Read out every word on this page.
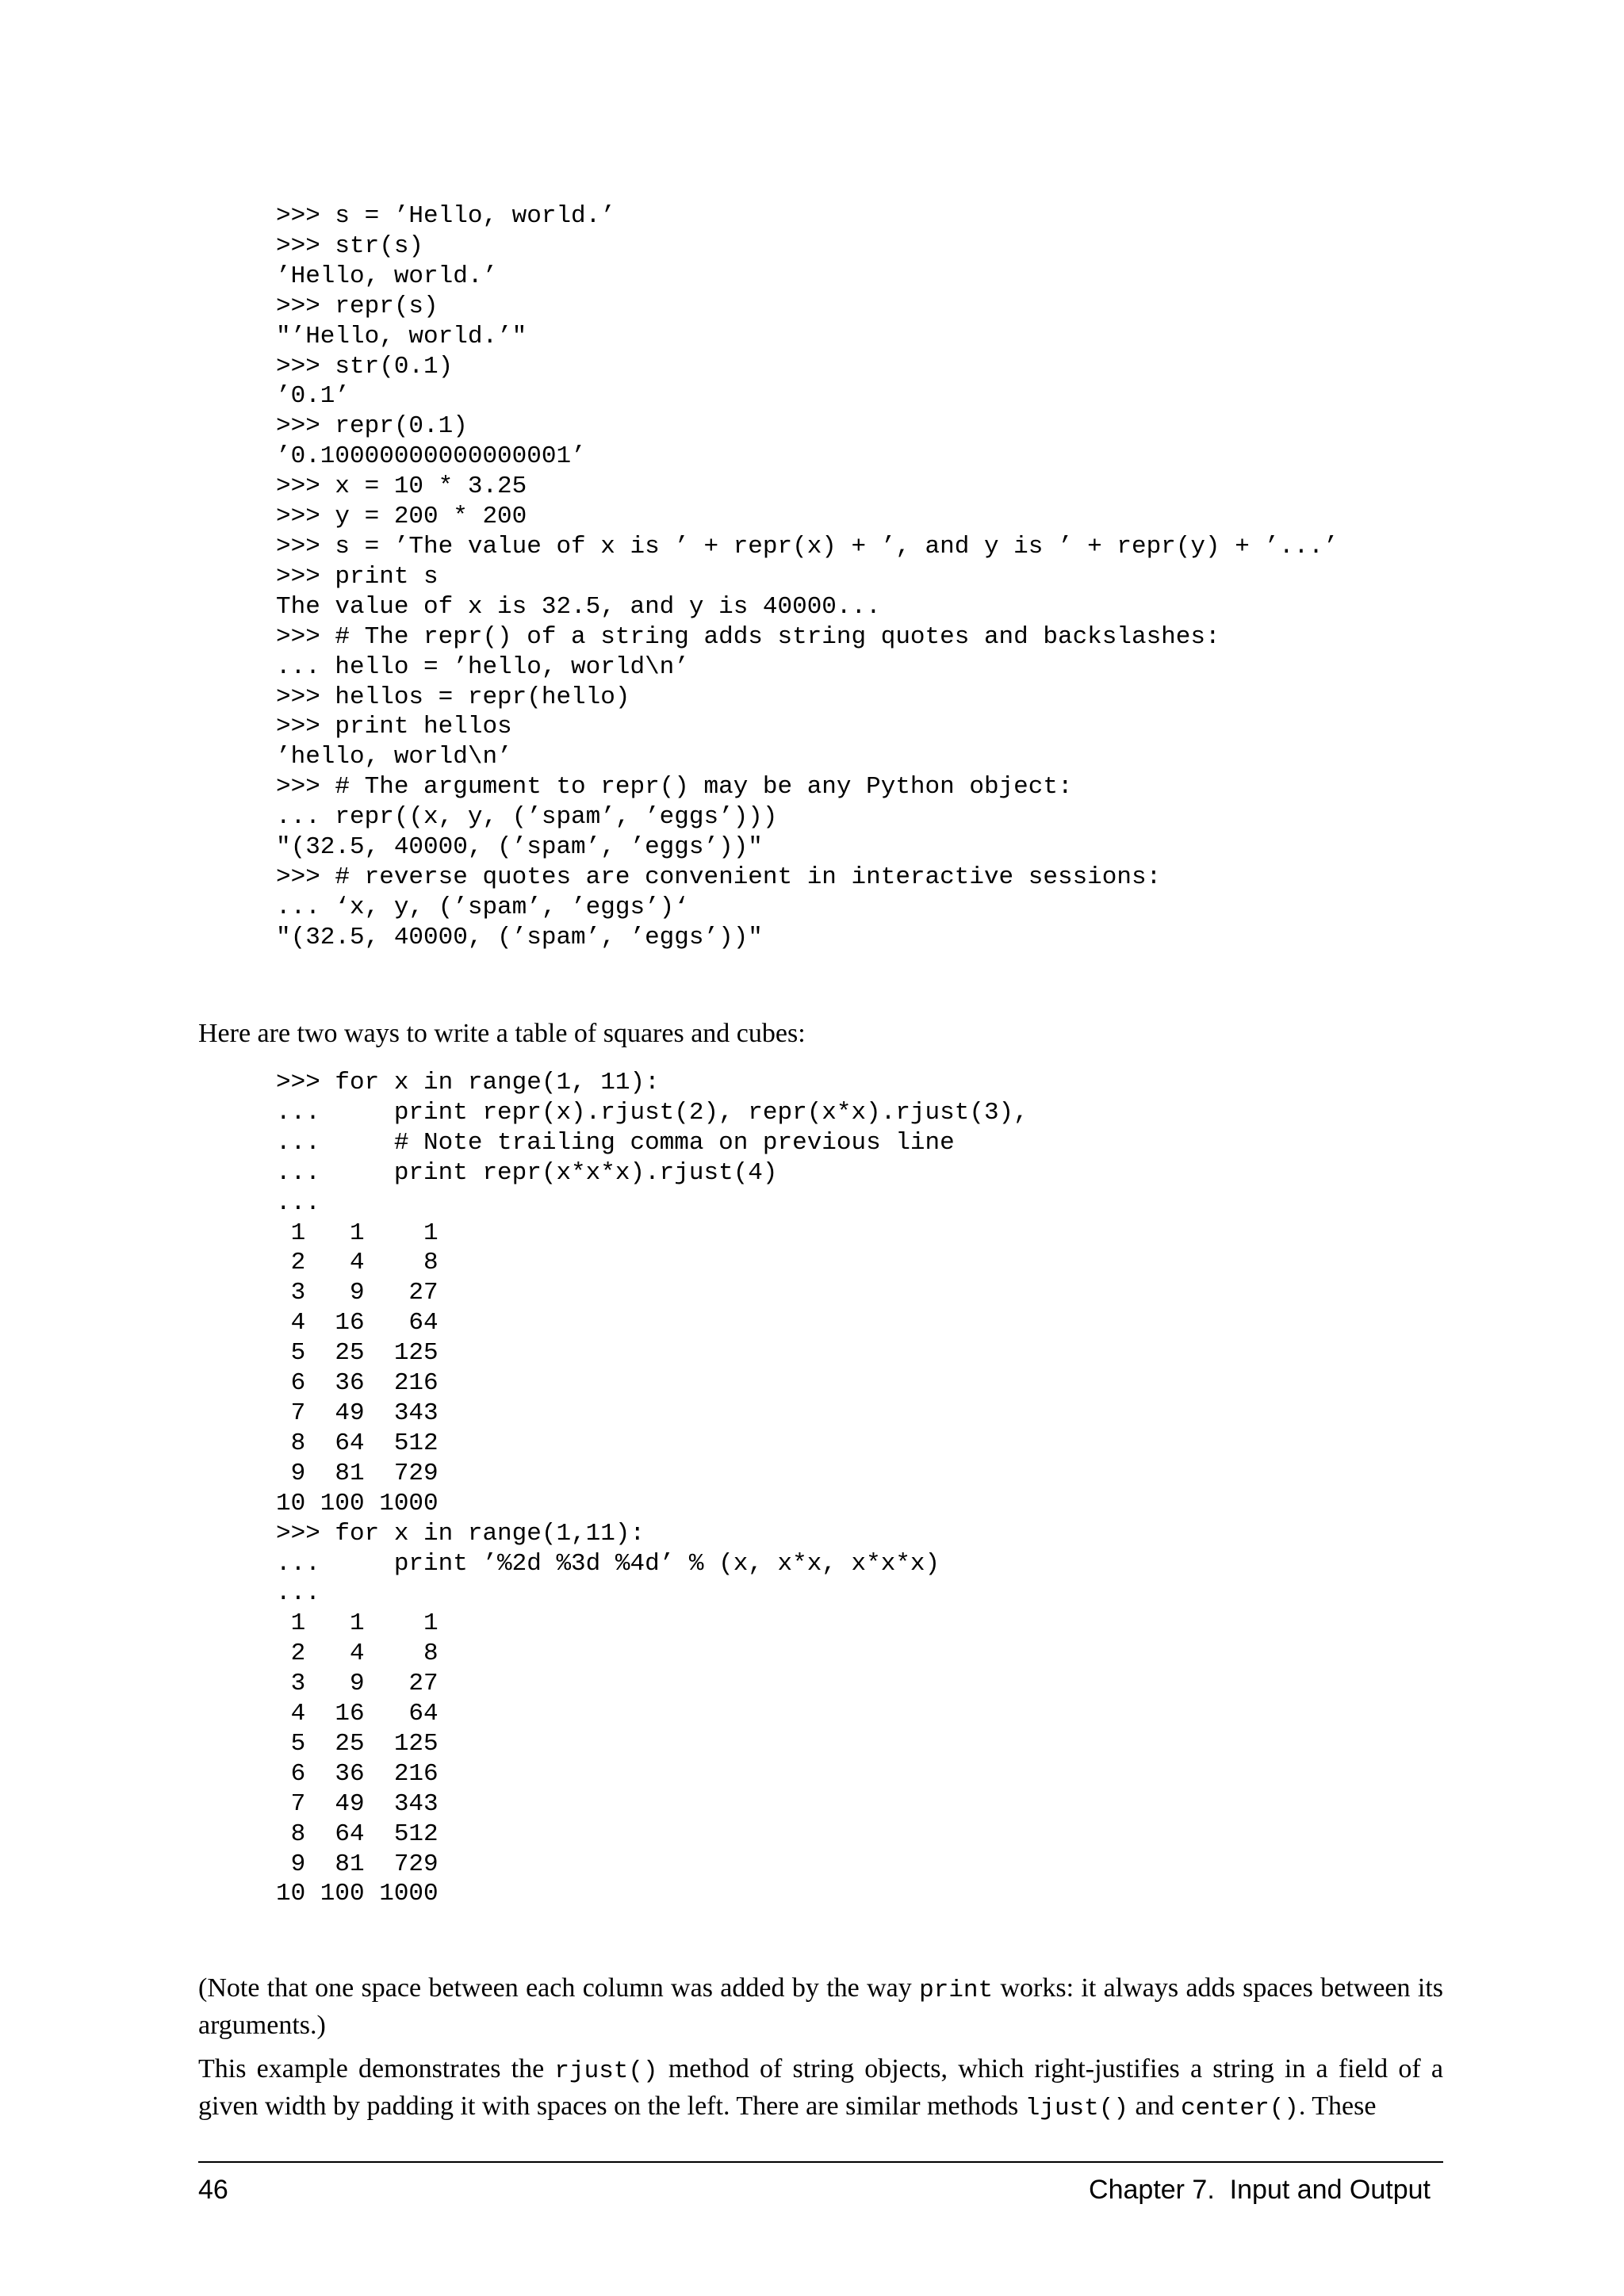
>>> s = ’Hello, world.’
>>> str(s)
’Hello, world.’
>>> repr(s)
"’Hello, world.’"
>>> str(0.1)
’0.1’
>>> repr(0.1)
’0.10000000000000001’
>>> x = 10 * 3.25
>>> y = 200 * 200
>>> s = ’The value of x is ’ + repr(x) + ’, and y is ’ + repr(y) + ’...’
>>> print s
The value of x is 32.5, and y is 40000...
>>> # The repr() of a string adds string quotes and backslashes:
... hello = ’hello, world\n’
>>> hellos = repr(hello)
>>> print hellos
’hello, world\n’
>>> # The argument to repr() may be any Python object:
... repr((x, y, (’spam’, ’eggs’)))
"(32.5, 40000, (’spam’, ’eggs’))"
>>> # reverse quotes are convenient in interactive sessions:
... ‘x, y, (’spam’, ’eggs’)‘
"(32.5, 40000, (’spam’, ’eggs’))"

Here are two ways to write a table of squares and cubes:

>>> for x in range(1, 11):
...     print repr(x).rjust(2), repr(x*x).rjust(3),
...     # Note trailing comma on previous line
...     print repr(x*x*x).rjust(4)
...
1   1    1
2   4    8
3   9   27
4  16   64
5  25  125
6  36  216
7  49  343
8  64  512
9  81  729
10 100 1000
>>> for x in range(1,11):
...     print ’%2d %3d %4d’ % (x, x*x, x*x*x)
...
1   1    1
2   4    8
3   9   27
4  16   64
5  25  125
6  36  216
7  49  343
8  64  512
9  81  729
10 100 1000

(Note that one space between each column was added by the way print works: it always adds spaces between its arguments.)

This example demonstrates the rjust() method of string objects, which right-justifies a string in a field of a given width by padding it with spaces on the left. There are similar methods ljust() and center(). These

46	Chapter 7.  Input and Output
